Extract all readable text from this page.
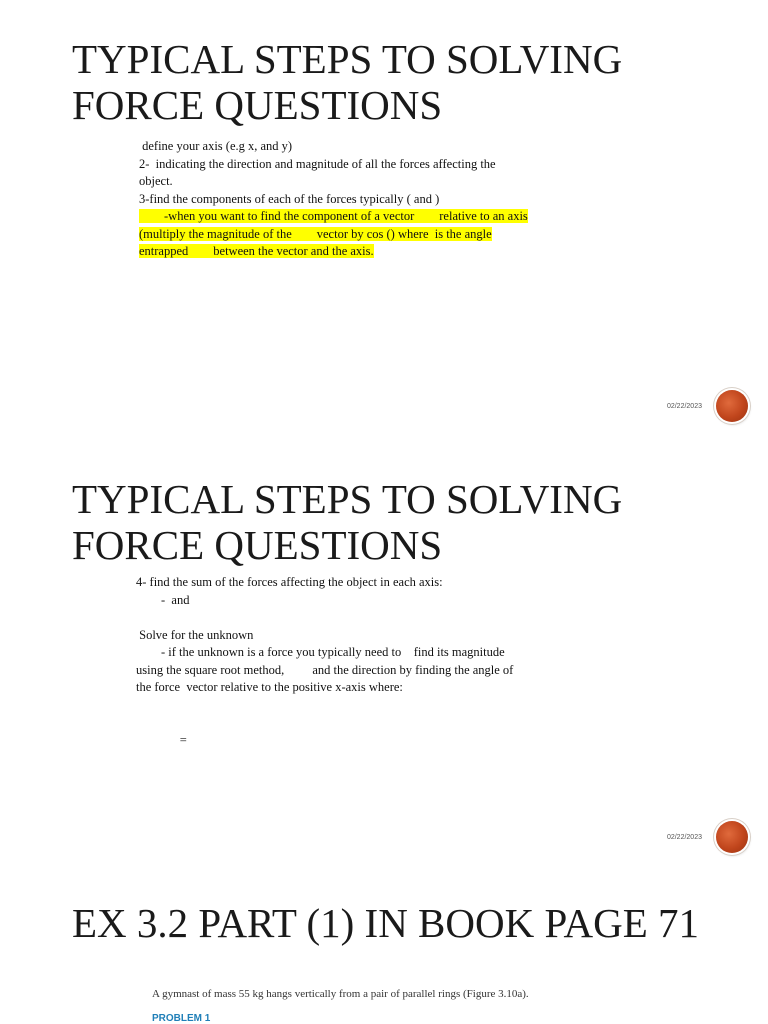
TYPICAL STEPS TO SOLVING FORCE QUESTIONS
define your axis (e.g x, and y)
2-  indicating the direction and magnitude of all the forces affecting the
object.
3-find the components of each of the forces typically ( and )
-when you want to find the component of a vector        relative to an axis
(multiply the magnitude of the        vector by cos () where  is the angle
entrapped        between the vector and the axis.
02/22/2023
TYPICAL STEPS TO SOLVING FORCE QUESTIONS
4- find the sum of the forces affecting the object in each axis:
-  and

Solve for the unknown
- if the unknown is a force you typically need to    find its magnitude
using the square root method,         and the direction by finding the angle of
the force  vector relative to the positive x-axis where:

=
02/22/2023
EX 3.2 PART (1) IN BOOK PAGE 71
A gymnast of mass 55 kg hangs vertically from a pair of parallel rings (Figure 3.10a).
PROBLEM 1
